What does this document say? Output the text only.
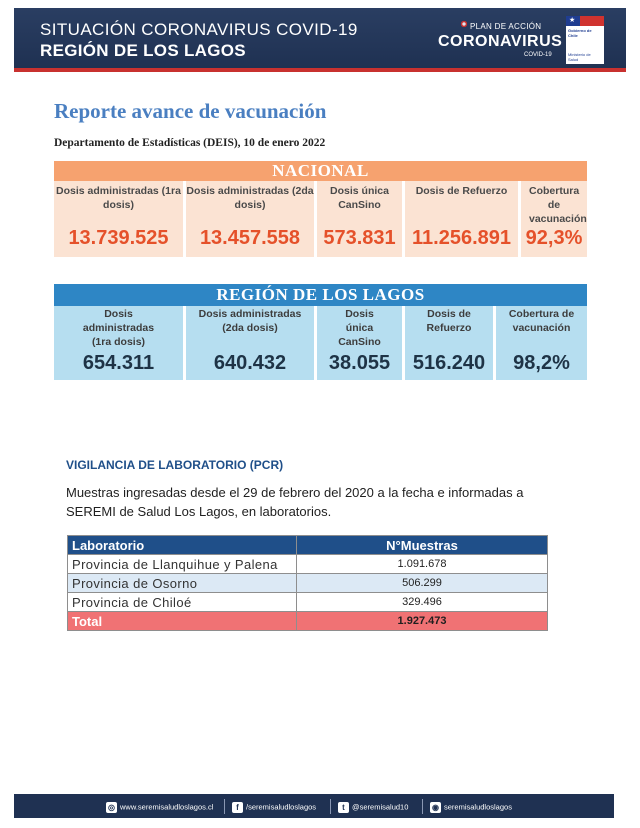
SITUACIÓN CORONAVIRUS COVID-19
REGIÓN DE LOS LAGOS
PLAN DE ACCIÓN
CORONAVIRUS
COVID-19
★
Gobierno de Chile
Ministerio de Salud
Reporte avance de vacunación
Departamento de Estadísticas (DEIS), 10 de enero 2022
NACIONAL
Dosis administradas (1ra dosis)
13.739.525
Dosis administradas (2da dosis)
13.457.558
Dosis única CanSino
573.831
Dosis de Refuerzo
11.256.891
Cobertura de vacunación
92,3%
REGIÓN DE LOS LAGOS
Dosis administradas (1ra dosis)
654.311
Dosis administradas (2da dosis)
640.432
Dosis única CanSino
38.055
Dosis de Refuerzo
516.240
Cobertura de vacunación
98,2%
VIGILANCIA DE LABORATORIO (PCR)
Muestras ingresadas desde el 29 de febrero del 2020 a la fecha e informadas a SEREMI de Salud Los Lagos, en laboratorios.
Laboratorio	N°Muestras
Provincia de Llanquihue y Palena	1.091.678
Provincia de Osorno	506.299
Provincia de Chiloé	329.496
Total	1.927.473
◎ www.seremisaludloslagos.cl	f /seremisaludloslagos	t @seremisalud10	◉ seremisaludloslagos
